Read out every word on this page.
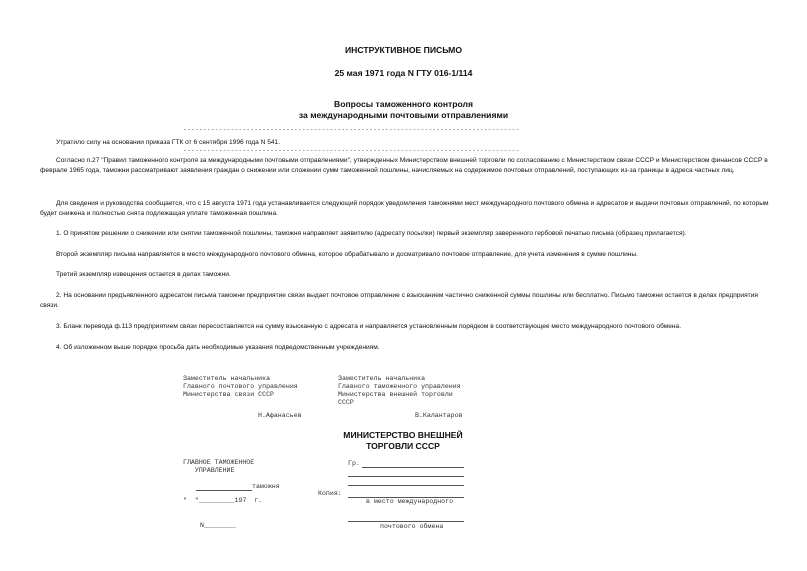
ИНСТРУКТИВНОЕ ПИСЬМО
25 мая 1971 года N ГТУ 016-1/114
Вопросы таможенного контроля
за международными почтовыми отправлениями
-------------------------------------------------------------------------------------
Утратило силу на основании приказа ГТК от 6 сентября 1996 года N 541.
-------------------------------------------------------------------------------------
Согласно п.27 "Правил таможенного контроля за международными почтовыми отправлениями", утвержденных Министерством внешней торговли по согласованию с Министерством связи СССР и Министерством финансов СССР в феврале 1965 года, таможни рассматривают заявления граждан о снижении или сложении сумм таможенной пошлины, начисляемых на содержимое почтовых отправлений, поступающих из-за границы в адреса частных лиц.
Для сведения и руководства сообщается, что с 15 августа 1971 года устанавливается следующий порядок уведомления таможнями мест международного почтового обмена и адресатов и выдачи почтовых отправлений, по которым будет снижена и полностью снята подлежащая уплате таможенная пошлина.
1. О принятом решении о снижении или снятии таможенной пошлины, таможня направляет заявителю (адресату посылки) первый экземпляр заверенного гербовой печатью письма (образец прилагается).
Второй экземпляр письма направляется в место международного почтового обмена, которое обрабатывало и досматривало почтовое отправление, для учета изменения в сумме пошлины.
Третий экземпляр извещения остается в делах таможни.
2. На основании предъявленного адресатом письма таможни предприятие связи выдает почтовое отправление с взысканием частично сниженной суммы пошлины или бесплатно. Письмо таможни остается в делах предприятия связи.
3. Бланк перевода ф.113 предприятием связи пересоставляется на сумму взысканную с адресата и направляется установленным порядком в соответствующее место международного почтового обмена.
4. Об изложенном выше порядке просьба дать необходимые указания подведомственным учреждениям.
Заместитель начальника
Главного почтового управления
Министерства связи СССР
Заместитель начальника
Главного таможенного управления
Министерства внешней торговли
СССР
Н.Афанасьев	В.Калантаров
МИНИСТЕРСТВО ВНЕШНЕЙ
ТОРГОВЛИ СССР
ГЛАВНОЕ ТАМОЖЕННОЕ
УПРАВЛЕНИЕ
таможня
"  "_________197  г.
N________
Гр.
Копия:
в место международного
почтового обмена
